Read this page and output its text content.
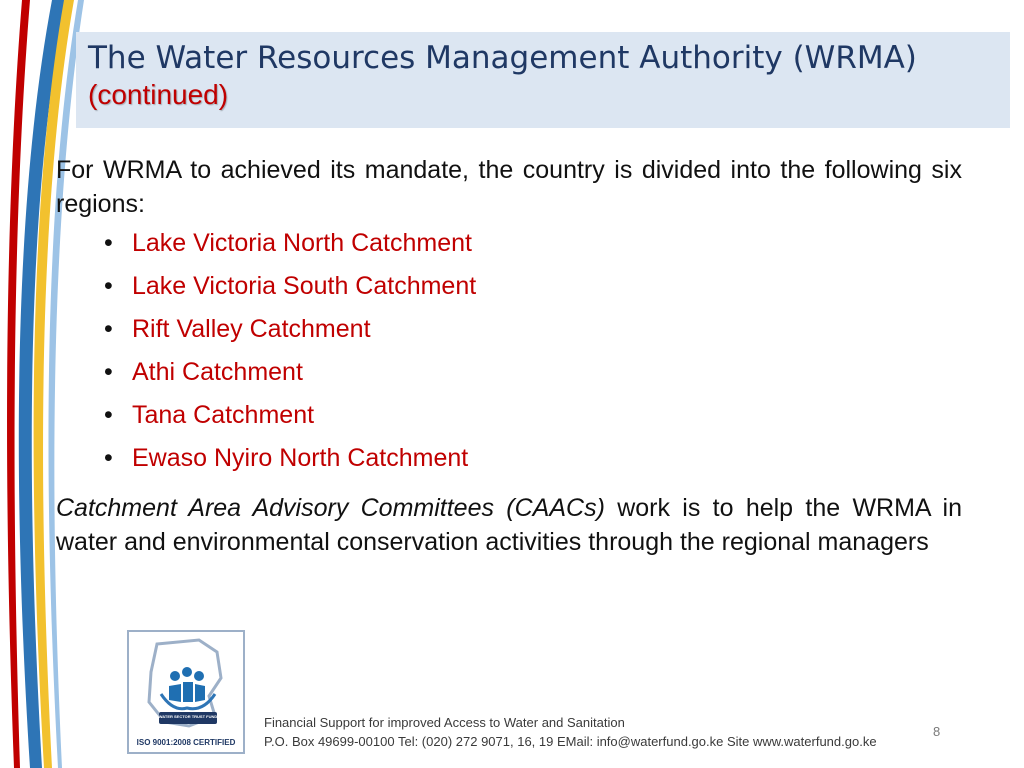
The Water Resources Management Authority (WRMA)
(continued)

For WRMA to achieved its mandate, the country is divided into the following six regions:

• Lake Victoria North Catchment
• Lake Victoria South Catchment
• Rift Valley Catchment
• Athi Catchment
• Tana Catchment
• Ewaso Nyiro North Catchment

Catchment Area Advisory Committees (CAACs) work is to help the WRMA in water and environmental conservation activities through the regional managers

WATER SECTOR TRUST FUND
ISO 9001:2008 CERTIFIED
Financial Support for improved Access to Water and Sanitation
P.O. Box 49699-00100 Tel: (020) 272 9071, 16, 19 EMail: info@waterfund.go.ke Site www.waterfund.go.ke
8
